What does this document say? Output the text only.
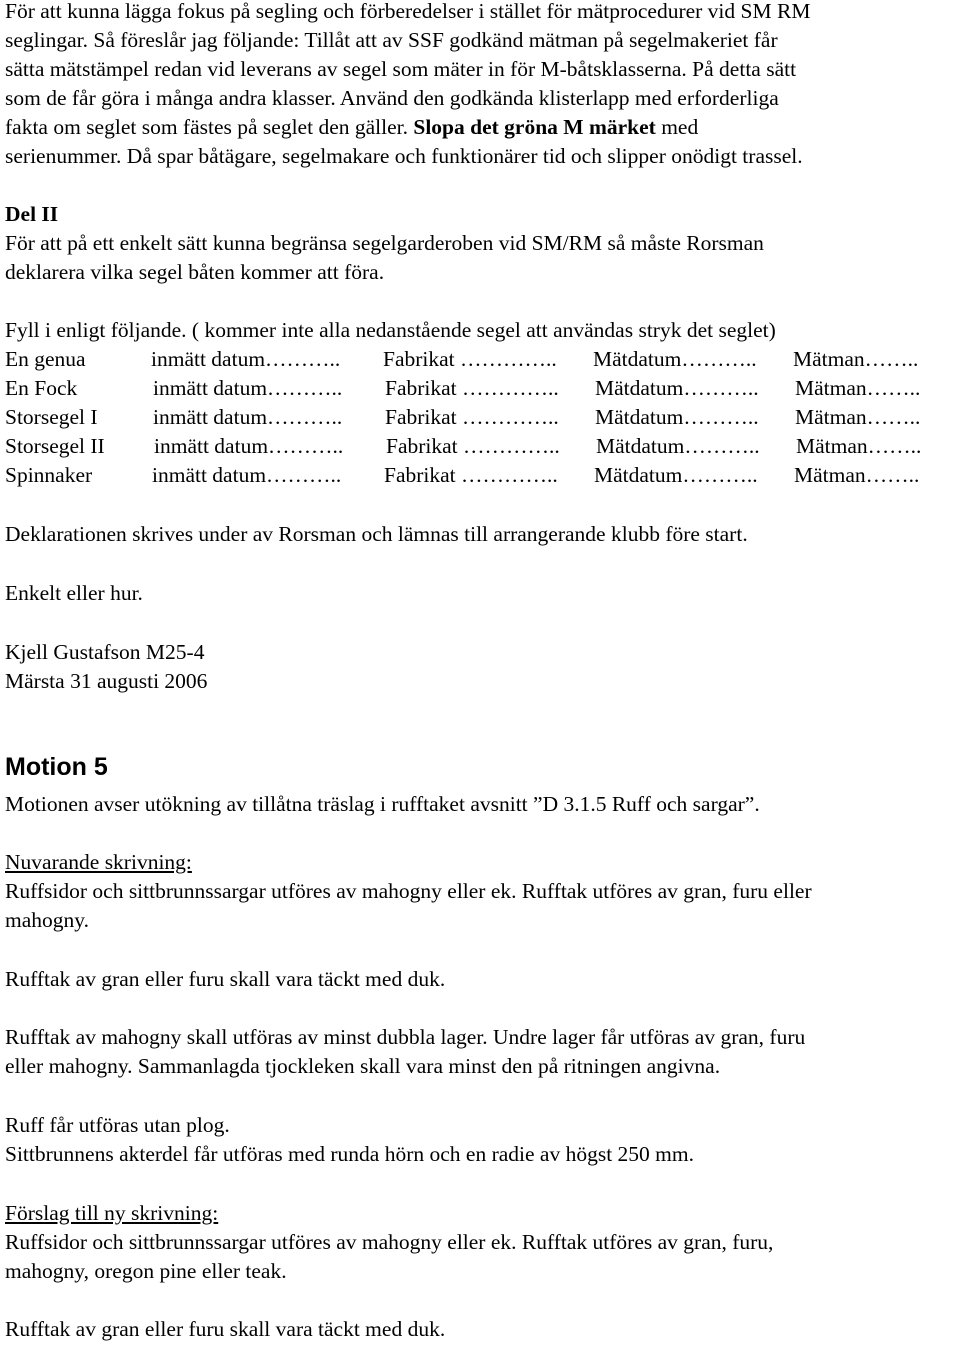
För att kunna lägga fokus på segling och förberedelser i stället för mätprocedurer vid SM RM
seglingar. Så föreslår jag följande: Tillåt att av SSF godkänd mätman på segelmakeriet får
sätta mätstämpel redan vid leverans av segel som mäter in för M-båtsklasserna. På detta sätt
som de får göra i många andra klasser. Använd den godkända klisterlapp med erforderliga
fakta om seglet som fästes på seglet den gäller. Slopa det gröna M märket med
serienummer. Då spar båtägare, segelmakare och funktionärer tid och slipper onödigt trassel.
Del II
För att på ett enkelt sätt kunna begränsa segelgarderoben vid SM/RM så måste Rorsman
deklarera vilka segel båten kommer att föra.
Fyll i enligt följande. ( kommer inte alla nedanstående segel att användas stryk det seglet)
En genua	inmätt datum……….. Fabrikat ………….. Mätdatum……….. Mätman……..
En Fock	inmätt datum……….. Fabrikat ………….. Mätdatum……….. Mätman……..
Storsegel I	inmätt datum……….. Fabrikat ………….. Mätdatum……….. Mätman……..
Storsegel II inmätt datum……….. Fabrikat ………….. Mätdatum……….. Mätman……..
Spinnaker	inmätt datum……….. Fabrikat ………….. Mätdatum……….. Mätman……..
Deklarationen skrives under av Rorsman och lämnas till arrangerande klubb före start.
Enkelt eller hur.
Kjell Gustafson M25-4
Märsta 31 augusti 2006
Motion 5
Motionen avser utökning av tillåtna träslag i rufftaket avsnitt ”D 3.1.5 Ruff och sargar”.
Nuvarande skrivning:
Ruffsidor och sittbrunnssargar utföres av mahogny eller ek. Rufftak utföres av gran, furu eller
mahogny.
Rufftak av gran eller furu skall vara täckt med duk.
Rufftak av mahogny skall utföras av minst dubbla lager. Undre lager får utföras av gran, furu
eller mahogny. Sammanlagda tjockleken skall vara minst den på ritningen angivna.
Ruff får utföras utan plog.
Sittbrunnens akterdel får utföras med runda hörn och en radie av högst 250 mm.
Förslag till ny skrivning:
Ruffsidor och sittbrunnssargar utföres av mahogny eller ek. Rufftak utföres av gran, furu,
mahogny, oregon pine eller teak.
Rufftak av gran eller furu skall vara täckt med duk.
